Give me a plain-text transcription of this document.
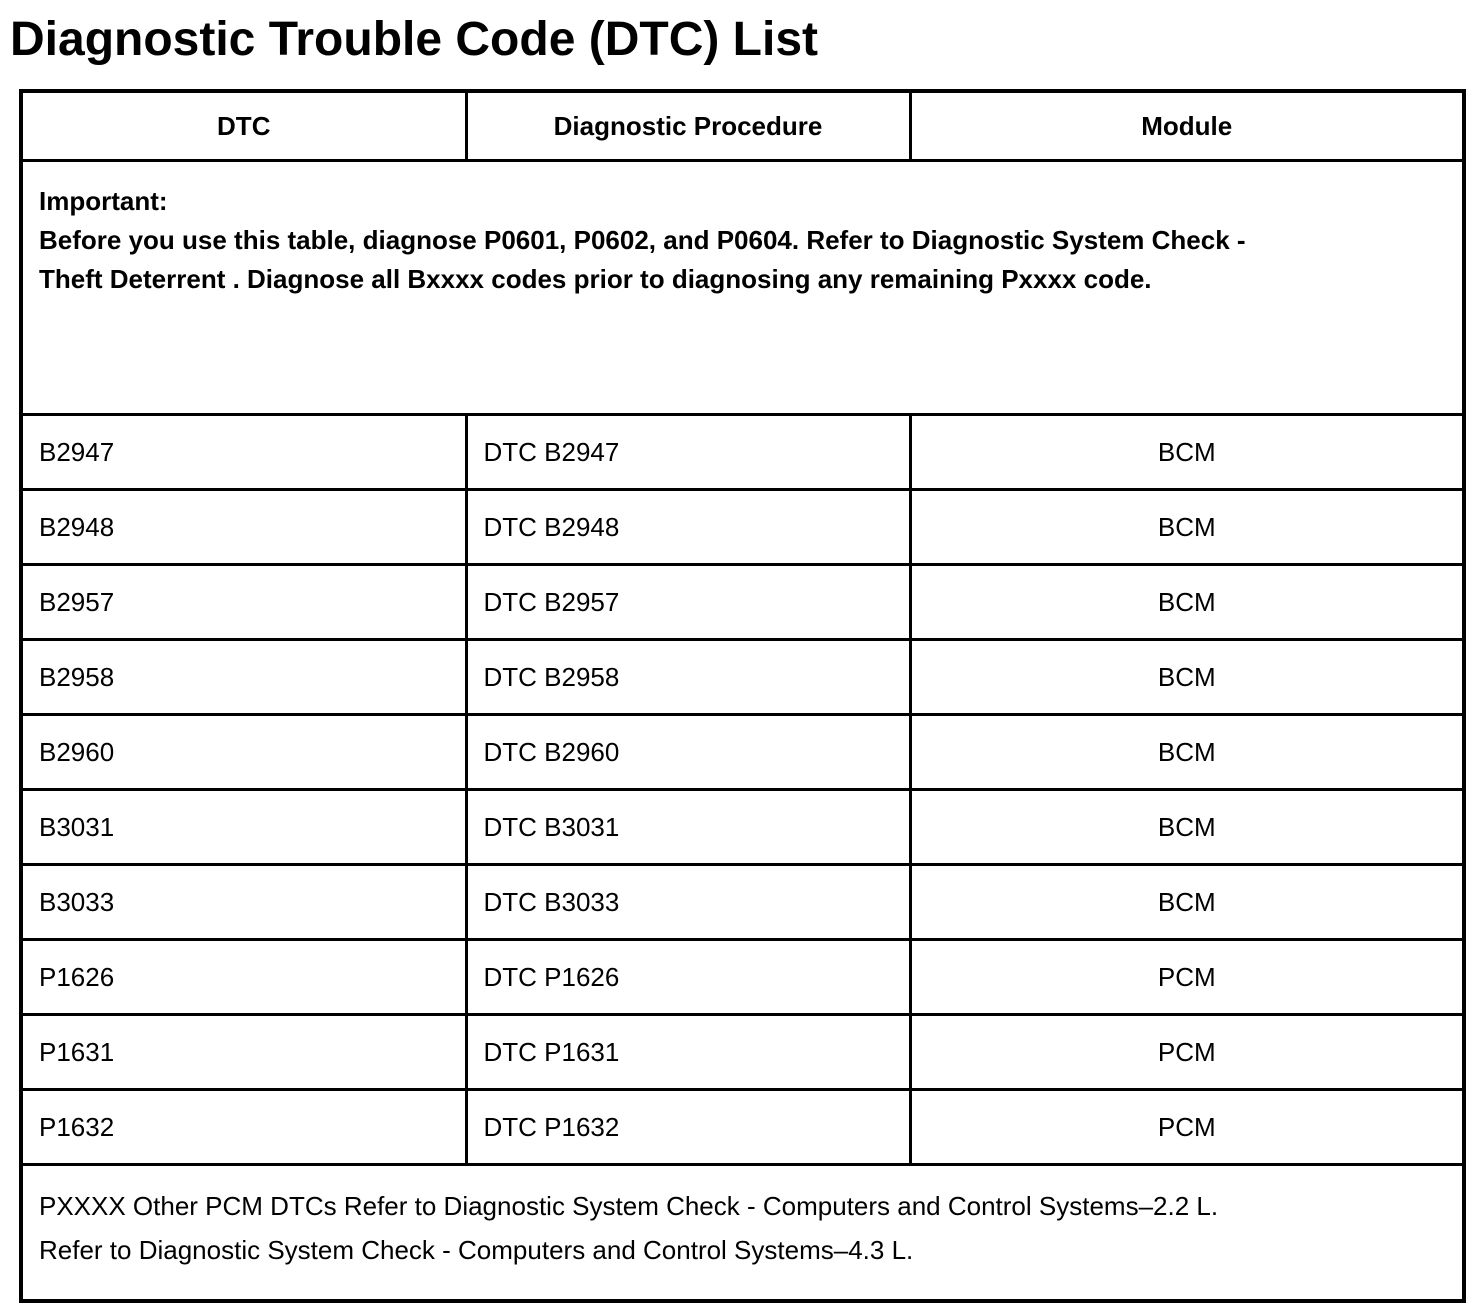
Diagnostic Trouble Code (DTC) List
DTC	Diagnostic Procedure	Module

Important:
Before you use this table, diagnose P0601, P0602, and P0604. Refer to Diagnostic System Check -
Theft Deterrent . Diagnose all Bxxxx codes prior to diagnosing any remaining Pxxxx code.		

B2947	DTC B2947	BCM
B2948	DTC B2948	BCM
B2957	DTC B2957	BCM
B2958	DTC B2958	BCM
B2960	DTC B2960	BCM
B3031	DTC B3031	BCM
B3033	DTC B3033	BCM
P1626	DTC P1626	PCM
P1631	DTC P1631	PCM
P1632	DTC P1632	PCM

PXXXX Other PCM DTCs Refer to Diagnostic System Check - Computers and Control Systems–2.2 L.
Refer to Diagnostic System Check - Computers and Control Systems–4.3 L.		
